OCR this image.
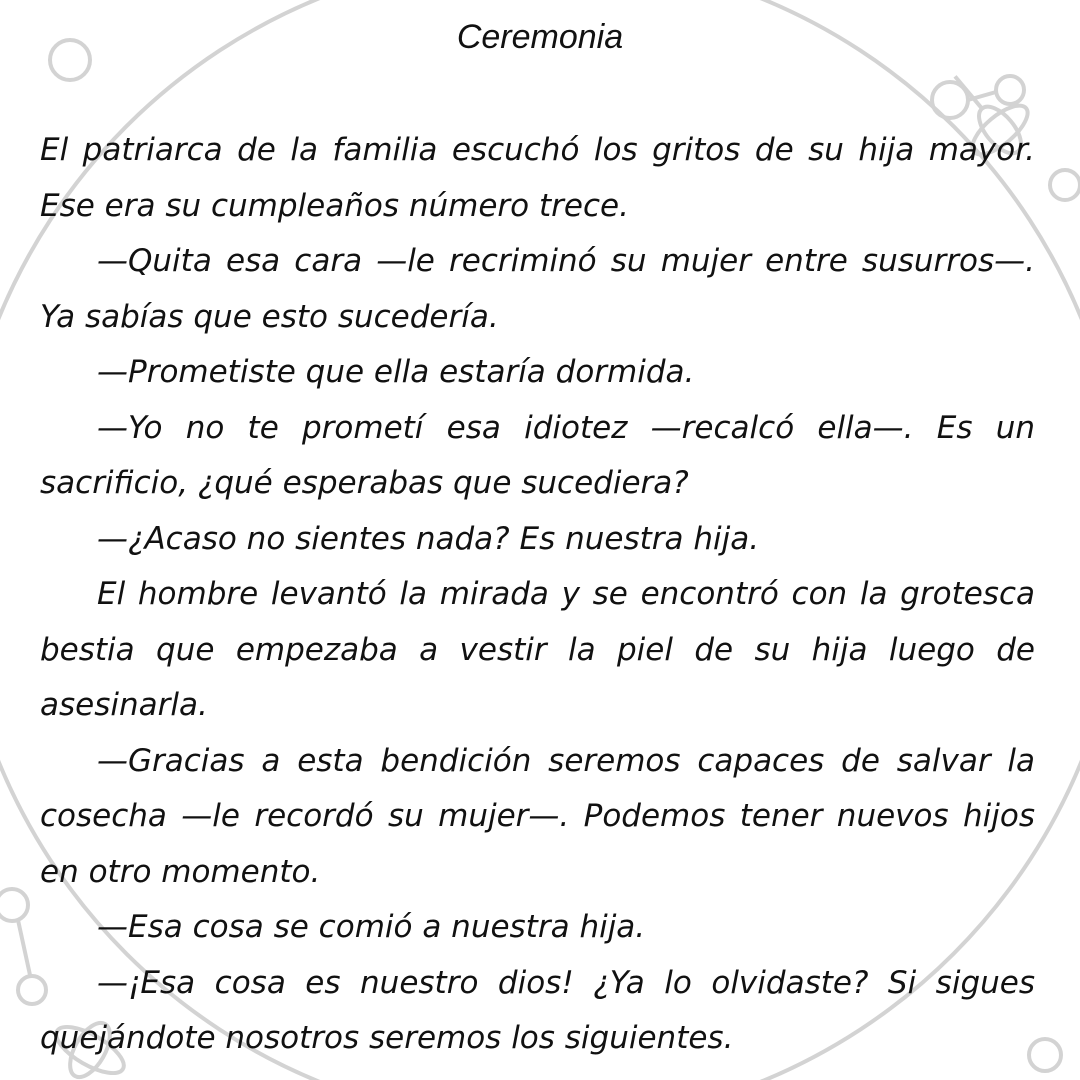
Ceremonia

El patriarca de la familia escuchó los gritos de su hija mayor. Ese era su cumpleaños número trece.

—Quita esa cara —le recriminó su mujer entre susurros—. Ya sabías que esto sucedería.

—Prometiste que ella estaría dormida.

—Yo no te prometí esa idiotez —recalcó ella—. Es un sacrificio, ¿qué esperabas que sucediera?

—¿Acaso no sientes nada? Es nuestra hija.

El hombre levantó la mirada y se encontró con la grotesca bestia que empezaba a vestir la piel de su hija luego de asesinarla.

—Gracias a esta bendición seremos capaces de salvar la cosecha —le recordó su mujer—. Podemos tener nuevos hijos en otro momento.

—Esa cosa se comió a nuestra hija.

—¡Esa cosa es nuestro dios! ¿Ya lo olvidaste? Si sigues quejándote nosotros seremos los siguientes.
